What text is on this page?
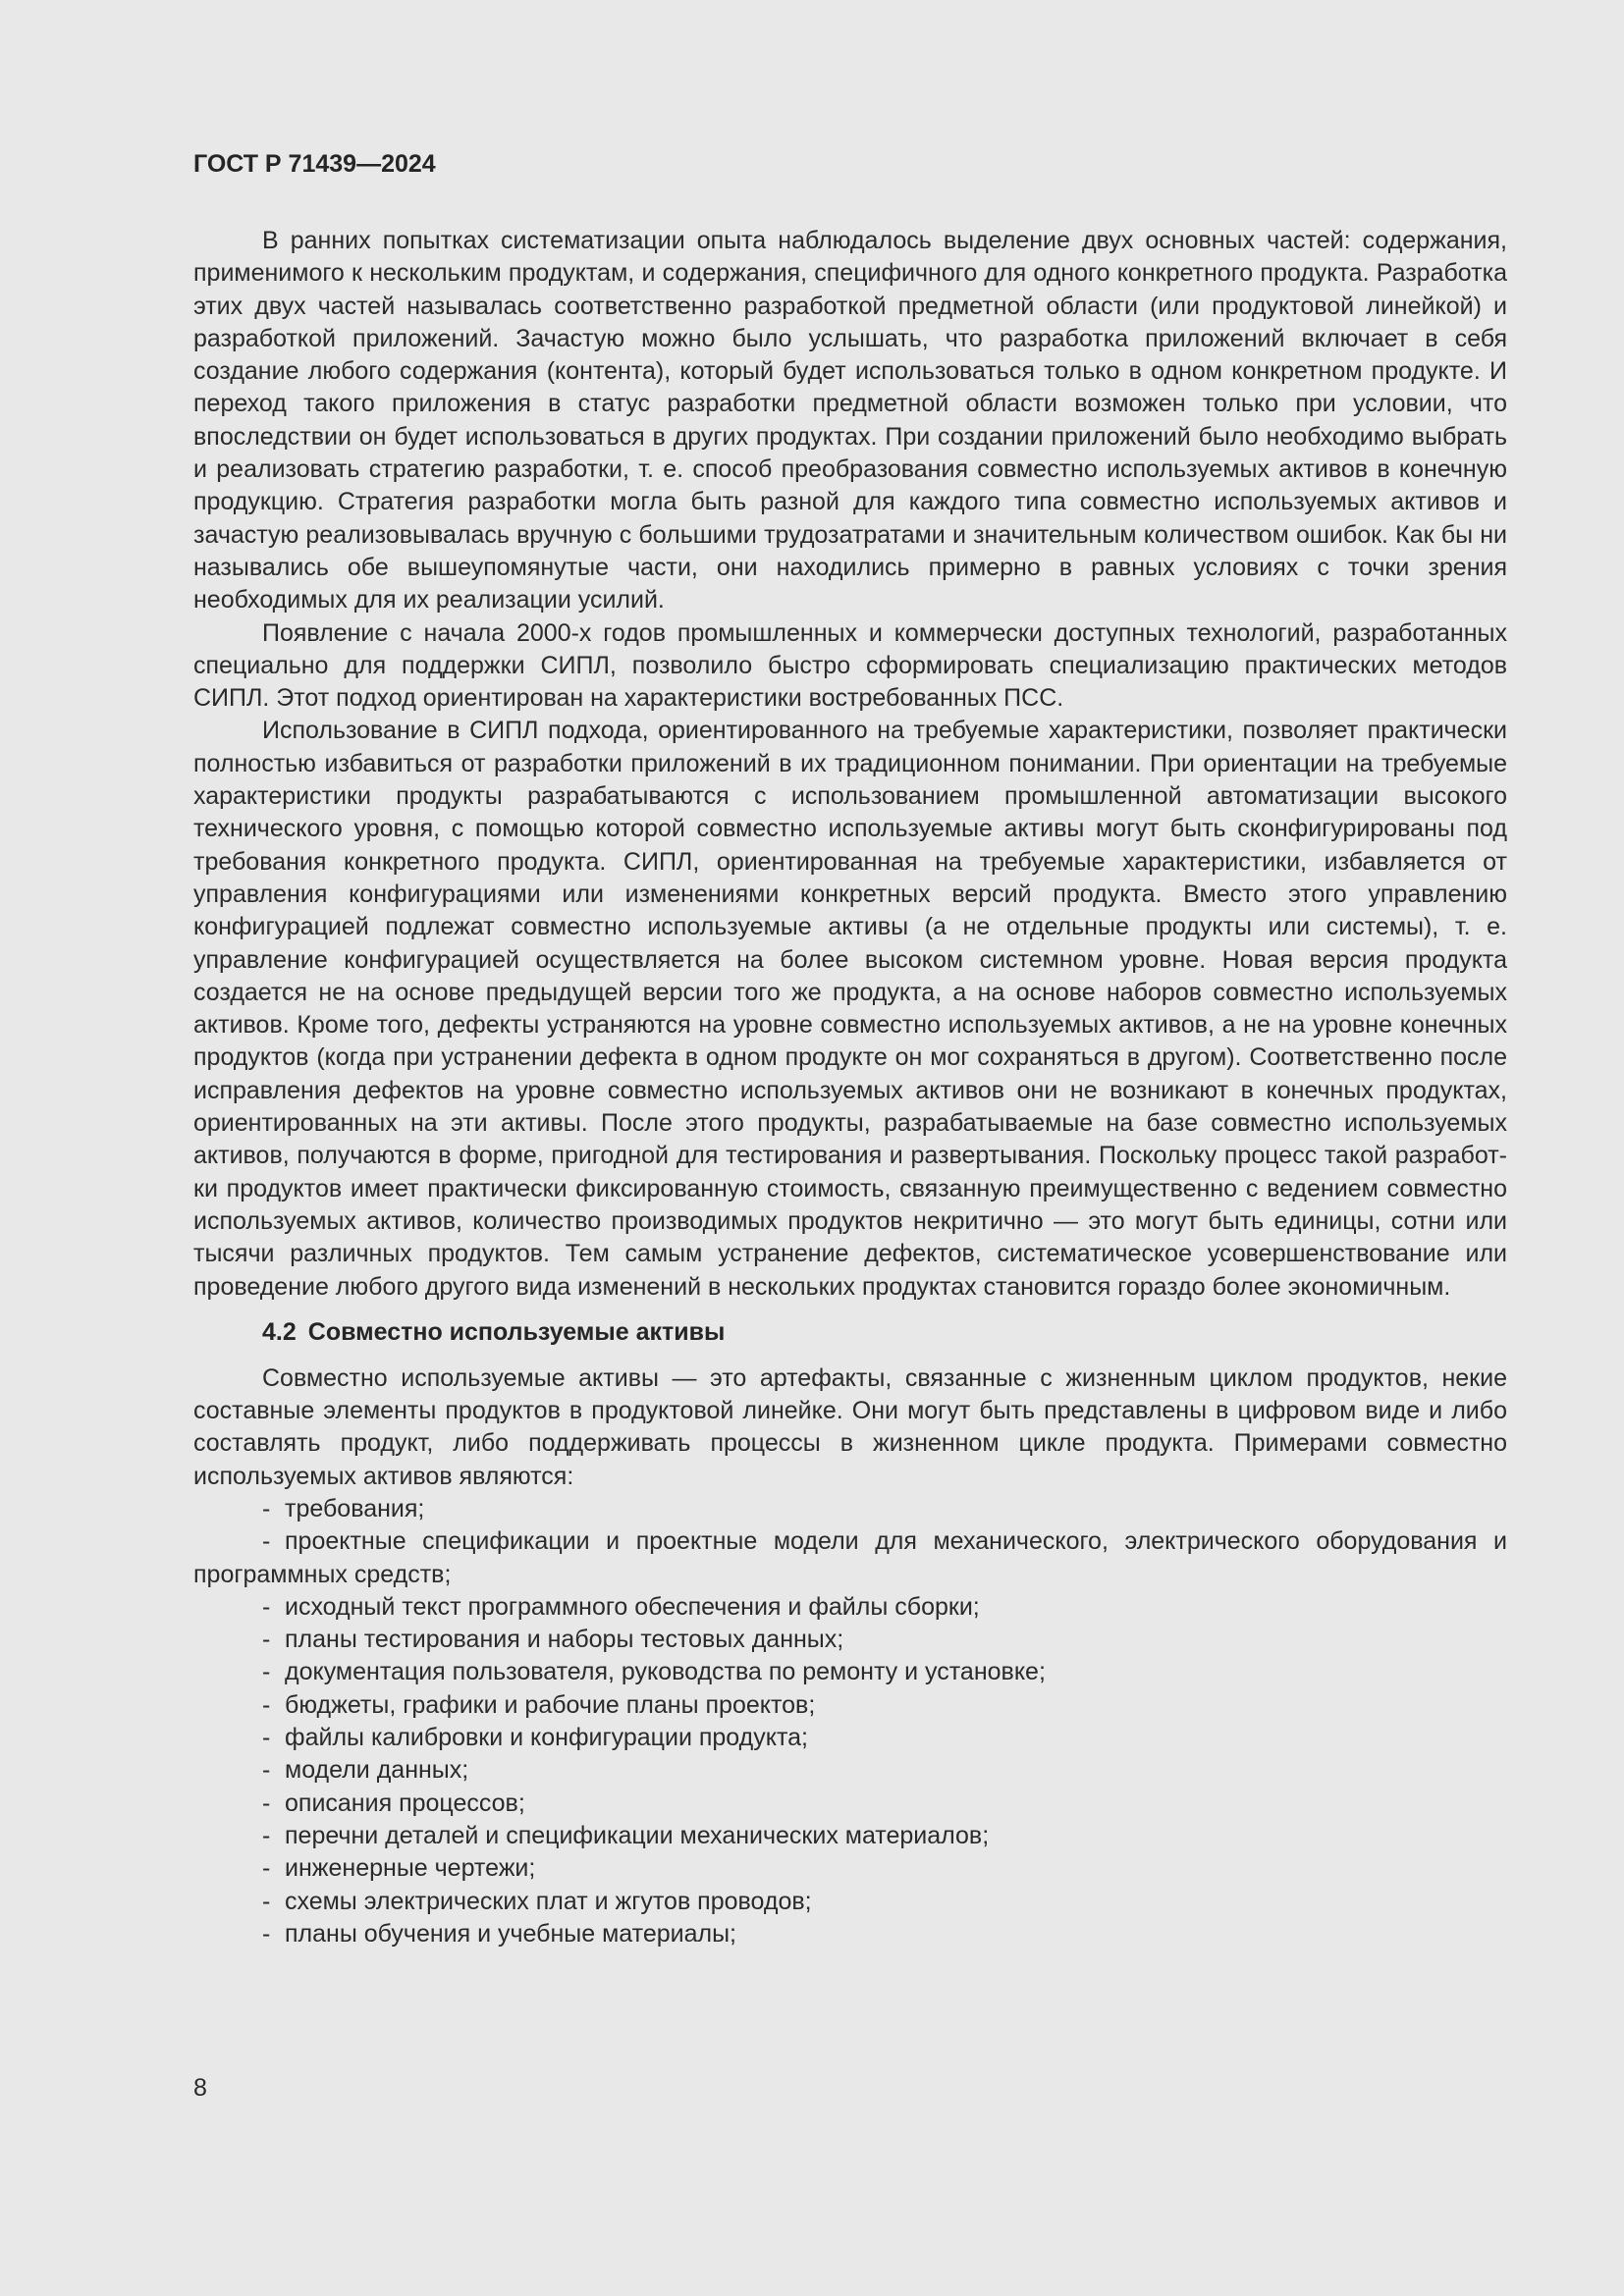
ГОСТ Р 71439—2024

В ранних попытках систематизации опыта наблюдалось выделение двух основных частей: содержания, применимого к нескольким продуктам, и содержания, специфичного для одного конкретного продукта. Разработка этих двух частей называлась соответственно разработкой предметной области (или продуктовой линейкой) и разработкой приложений. Зачастую можно было услышать, что разработка приложений включает в себя создание любого содержания (контента), который будет использоваться только в одном конкретном продукте. И переход такого приложения в статус разработки предметной области возможен только при условии, что впоследствии он будет использоваться в других продуктах. При создании приложений было необходимо выбрать и реализовать стратегию разработки, т. е. способ преобразования совместно используемых активов в конечную продукцию. Стратегия разработки могла быть разной для каждого типа совместно используемых активов и зачастую реализовывалась вручную с большими трудозатратами и значительным количеством ошибок. Как бы ни назывались обе вышеупомянутые части, они находились примерно в равных условиях с точки зрения необходимых для их реализации усилий.

Появление с начала 2000-х годов промышленных и коммерчески доступных технологий, разработанных специально для поддержки СИПЛ, позволило быстро сформировать специализацию практических методов СИПЛ. Этот подход ориентирован на характеристики востребованных ПСС.

Использование в СИПЛ подхода, ориентированного на требуемые характеристики, позволяет практически полностью избавиться от разработки приложений в их традиционном понимании. При ориентации на требуемые характеристики продукты разрабатываются с использованием промышленной автоматизации высокого технического уровня, с помощью которой совместно используемые активы могут быть сконфигурированы под требования конкретного продукта. СИПЛ, ориентированная на требуемые характеристики, избавляется от управления конфигурациями или изменениями конкретных версий продукта. Вместо этого управлению конфигурацией подлежат совместно используемые активы (а не отдельные продукты или системы), т. е. управление конфигурацией осуществляется на более высоком системном уровне. Новая версия продукта создается не на основе предыдущей версии того же продукта, а на основе наборов совместно используемых активов. Кроме того, дефекты устраняются на уровне совместно используемых активов, а не на уровне конечных продуктов (когда при устранении дефекта в одном продукте он мог сохраняться в другом). Соответственно после исправления дефектов на уровне совместно используемых активов они не возникают в конечных продуктах, ориентированных на эти активы. После этого продукты, разрабатываемые на базе совместно используемых активов, получаются в форме, пригодной для тестирования и развертывания. Поскольку процесс такой разработки продуктов имеет практически фиксированную стоимость, связанную преимущественно с ведением совместно используемых активов, количество производимых продуктов некритично — это могут быть единицы, сотни или тысячи различных продуктов. Тем самым устранение дефектов, систематическое усовершенствование или проведение любого другого вида изменений в нескольких продуктах становится гораздо более экономичным.

4.2 Совместно используемые активы

Совместно используемые активы — это артефакты, связанные с жизненным циклом продуктов, некие составные элементы продуктов в продуктовой линейке. Они могут быть представлены в цифровом виде и либо составлять продукт, либо поддерживать процессы в жизненном цикле продукта. Примерами совместно используемых активов являются:

- требования;
- проектные спецификации и проектные модели для механического, электрического оборудования и программных средств;
- исходный текст программного обеспечения и файлы сборки;
- планы тестирования и наборы тестовых данных;
- документация пользователя, руководства по ремонту и установке;
- бюджеты, графики и рабочие планы проектов;
- файлы калибровки и конфигурации продукта;
- модели данных;
- описания процессов;
- перечни деталей и спецификации механических материалов;
- инженерные чертежи;
- схемы электрических плат и жгутов проводов;
- планы обучения и учебные материалы;
8
